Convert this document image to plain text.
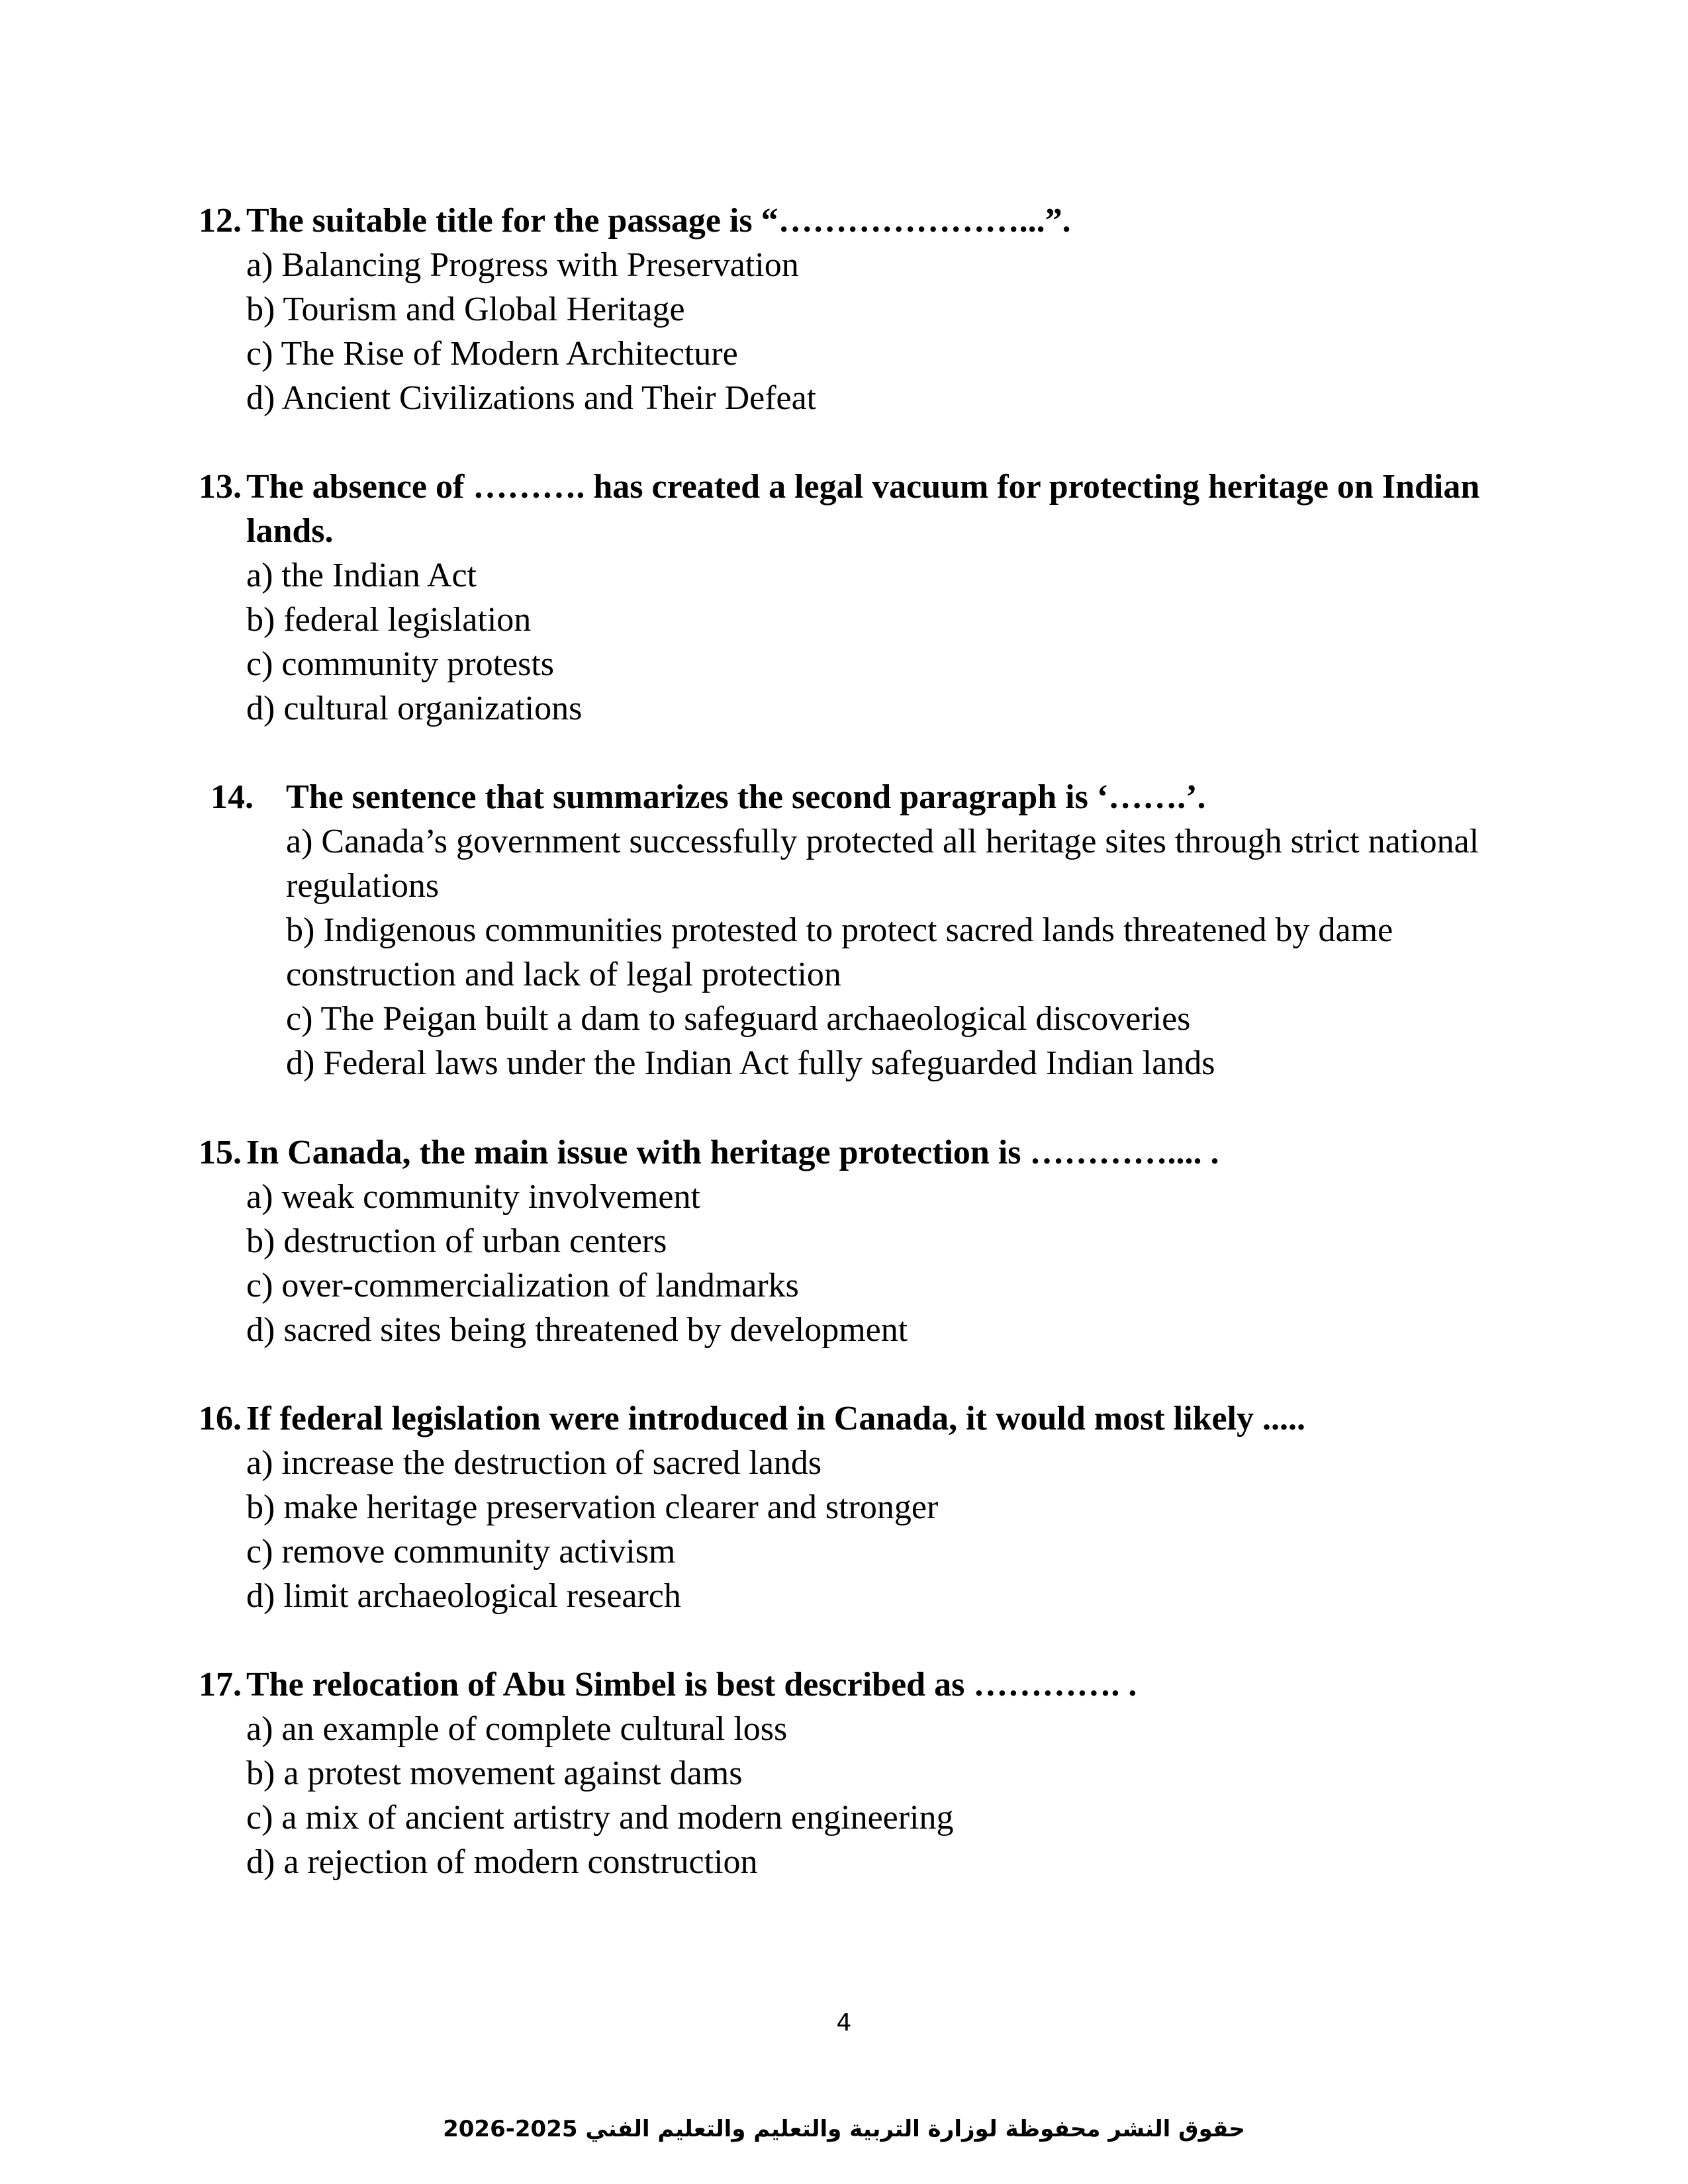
12. The suitable title for the passage is “…………………...”.
a) Balancing Progress with Preservation
b) Tourism and Global Heritage
c) The Rise of Modern Architecture
d) Ancient Civilizations and Their Defeat
13. The absence of ………. has created a legal vacuum for protecting heritage on Indian lands.
a) the Indian Act
b) federal legislation
c) community protests
d) cultural organizations
14. The sentence that summarizes the second paragraph is ‘…….’.
a) Canada’s government successfully protected all heritage sites through strict national regulations
b) Indigenous communities protested to protect sacred lands threatened by dame construction and lack of legal protection
c) The Peigan built a dam to safeguard archaeological discoveries
d) Federal laws under the Indian Act fully safeguarded Indian lands
15. In Canada, the main issue with heritage protection is ………….... .
a) weak community involvement
b) destruction of urban centers
c) over-commercialization of landmarks
d) sacred sites being threatened by development
16. If federal legislation were introduced in Canada, it would most likely .....
a) increase the destruction of sacred lands
b) make heritage preservation clearer and stronger
c) remove community activism
d) limit archaeological research
17. The relocation of Abu Simbel is best described as …………. .
a) an example of complete cultural loss
b) a protest movement against dams
c) a mix of ancient artistry and modern engineering
d) a rejection of modern construction
4
حقوق النشر محفوظة لوزارة التربية والتعليم والتعليم الفني 2025-2026
